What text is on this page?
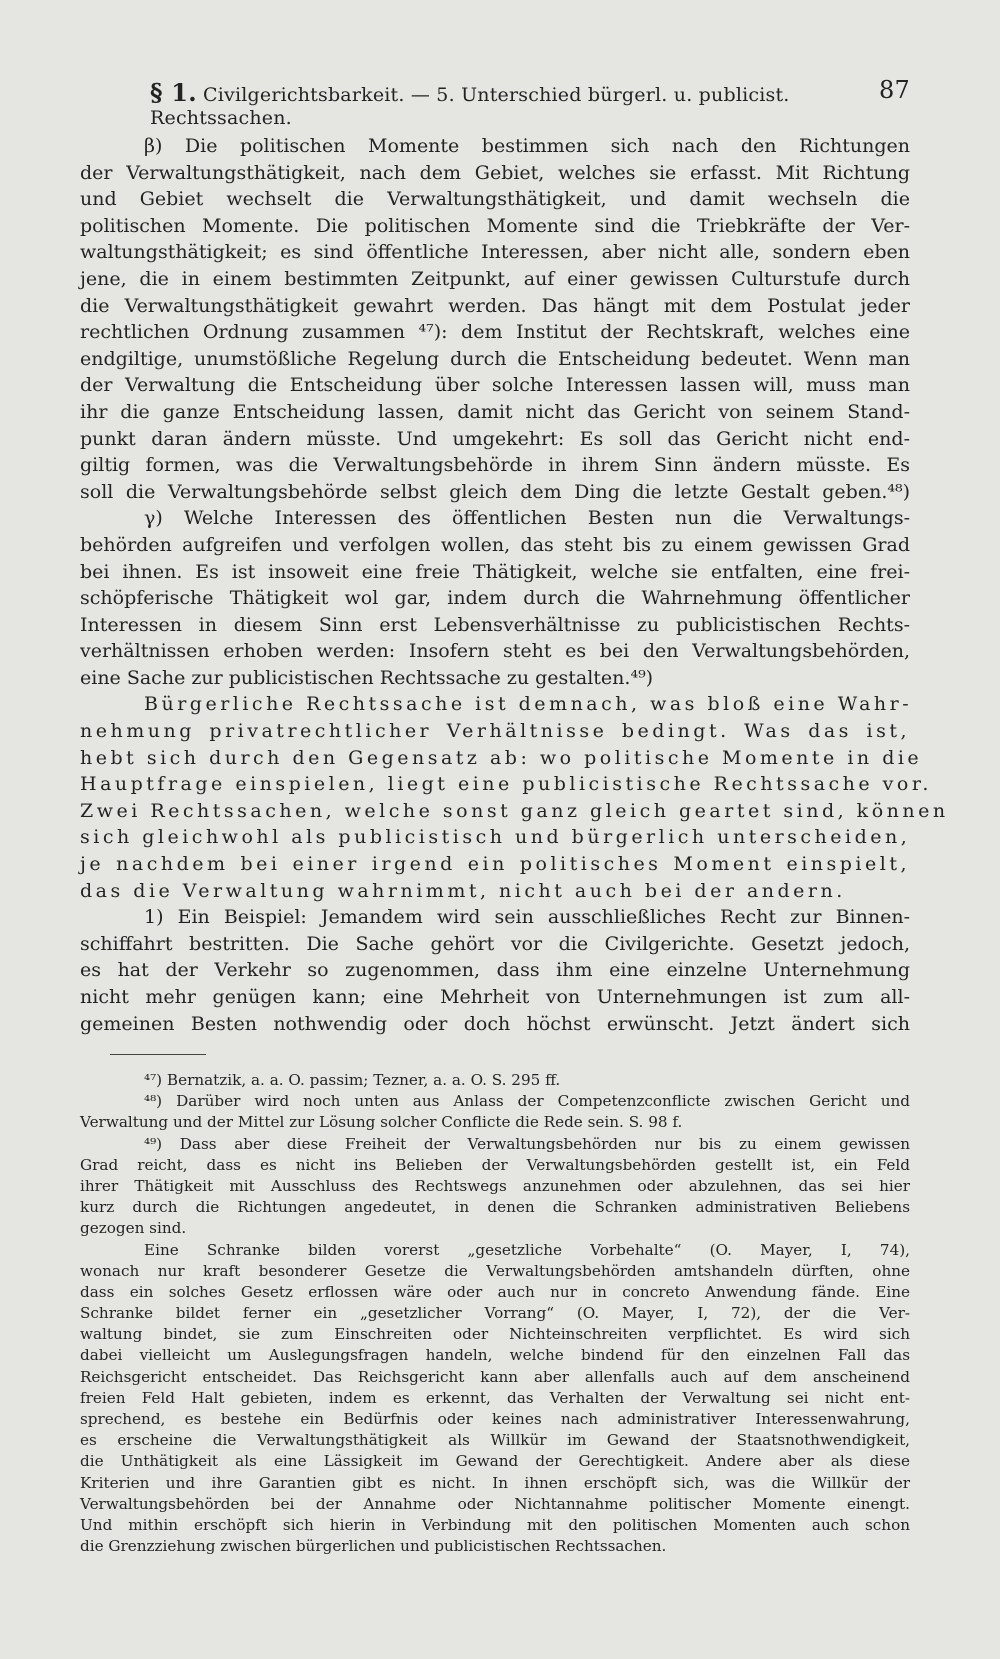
§ 1. Civilgerichtsbarkeit. — 5. Unterschied bürgerl. u. publicist. Rechtssachen.
87
β) Die politischen Momente bestimmen sich nach den Richtungen
der Verwaltungsthätigkeit, nach dem Gebiet, welches sie erfasst. Mit Richtung
und Gebiet wechselt die Verwaltungsthätigkeit, und damit wechseln die
politischen Momente. Die politischen Momente sind die Triebkräfte der Ver-
waltungsthätigkeit; es sind öffentliche Interessen, aber nicht alle, sondern eben
jene, die in einem bestimmten Zeitpunkt, auf einer gewissen Culturstufe durch
die Verwaltungsthätigkeit gewahrt werden. Das hängt mit dem Postulat jeder
rechtlichen Ordnung zusammen ⁴⁷): dem Institut der Rechtskraft, welches eine
endgiltige, unumstößliche Regelung durch die Entscheidung bedeutet. Wenn man
der Verwaltung die Entscheidung über solche Interessen lassen will, muss man
ihr die ganze Entscheidung lassen, damit nicht das Gericht von seinem Stand-
punkt daran ändern müsste. Und umgekehrt: Es soll das Gericht nicht end-
giltig formen, was die Verwaltungsbehörde in ihrem Sinn ändern müsste. Es
soll die Verwaltungsbehörde selbst gleich dem Ding die letzte Gestalt geben.⁴⁸)
γ) Welche Interessen des öffentlichen Besten nun die Verwaltungs-
behörden aufgreifen und verfolgen wollen, das steht bis zu einem gewissen Grad
bei ihnen. Es ist insoweit eine freie Thätigkeit, welche sie entfalten, eine frei-
schöpferische Thätigkeit wol gar, indem durch die Wahrnehmung öffentlicher
Interessen in diesem Sinn erst Lebensverhältnisse zu publicistischen Rechts-
verhältnissen erhoben werden: Insofern steht es bei den Verwaltungsbehörden,
eine Sache zur publicistischen Rechtssache zu gestalten.⁴⁹)
Bürgerliche Rechtssache ist demnach, was bloß eine Wahr-
nehmung privatrechtlicher Verhältnisse bedingt. Was das ist,
hebt sich durch den Gegensatz ab: wo politische Momente in die
Hauptfrage einspielen, liegt eine publicistische Rechtssache vor.
Zwei Rechtssachen, welche sonst ganz gleich geartet sind, können
sich gleichwohl als publicistisch und bürgerlich unterscheiden,
je nachdem bei einer irgend ein politisches Moment einspielt,
das die Verwaltung wahrnimmt, nicht auch bei der andern.
1) Ein Beispiel: Jemandem wird sein ausschließliches Recht zur Binnen-
schiffahrt bestritten. Die Sache gehört vor die Civilgerichte. Gesetzt jedoch,
es hat der Verkehr so zugenommen, dass ihm eine einzelne Unternehmung
nicht mehr genügen kann; eine Mehrheit von Unternehmungen ist zum all-
gemeinen Besten nothwendig oder doch höchst erwünscht. Jetzt ändert sich
⁴⁷) Bernatzik, a. a. O. passim; Tezner, a. a. O. S. 295 ff.
⁴⁸) Darüber wird noch unten aus Anlass der Competenzconflicte zwischen Gericht und
Verwaltung und der Mittel zur Lösung solcher Conflicte die Rede sein. S. 98 f.
⁴⁹) Dass aber diese Freiheit der Verwaltungsbehörden nur bis zu einem gewissen
Grad reicht, dass es nicht ins Belieben der Verwaltungsbehörden gestellt ist, ein Feld
ihrer Thätigkeit mit Ausschluss des Rechtswegs anzunehmen oder abzulehnen, das sei hier
kurz durch die Richtungen angedeutet, in denen die Schranken administrativen Beliebens
gezogen sind.
Eine Schranke bilden vorerst „gesetzliche Vorbehalte“ (O. Mayer, I, 74),
wonach nur kraft besonderer Gesetze die Verwaltungsbehörden amtshandeln dürften, ohne
dass ein solches Gesetz erflossen wäre oder auch nur in concreto Anwendung fände. Eine
Schranke bildet ferner ein „gesetzlicher Vorrang“ (O. Mayer, I, 72), der die Ver-
waltung bindet, sie zum Einschreiten oder Nichteinschreiten verpflichtet. Es wird sich
dabei vielleicht um Auslegungsfragen handeln, welche bindend für den einzelnen Fall das
Reichsgericht entscheidet. Das Reichsgericht kann aber allenfalls auch auf dem anscheinend
freien Feld Halt gebieten, indem es erkennt, das Verhalten der Verwaltung sei nicht ent-
sprechend, es bestehe ein Bedürfnis oder keines nach administrativer Interessenwahrung,
es erscheine die Verwaltungsthätigkeit als Willkür im Gewand der Staatsnothwendigkeit,
die Unthätigkeit als eine Lässigkeit im Gewand der Gerechtigkeit. Andere aber als diese
Kriterien und ihre Garantien gibt es nicht. In ihnen erschöpft sich, was die Willkür der
Verwaltungsbehörden bei der Annahme oder Nichtannahme politischer Momente einengt.
Und mithin erschöpft sich hierin in Verbindung mit den politischen Momenten auch schon
die Grenzziehung zwischen bürgerlichen und publicistischen Rechtssachen.
